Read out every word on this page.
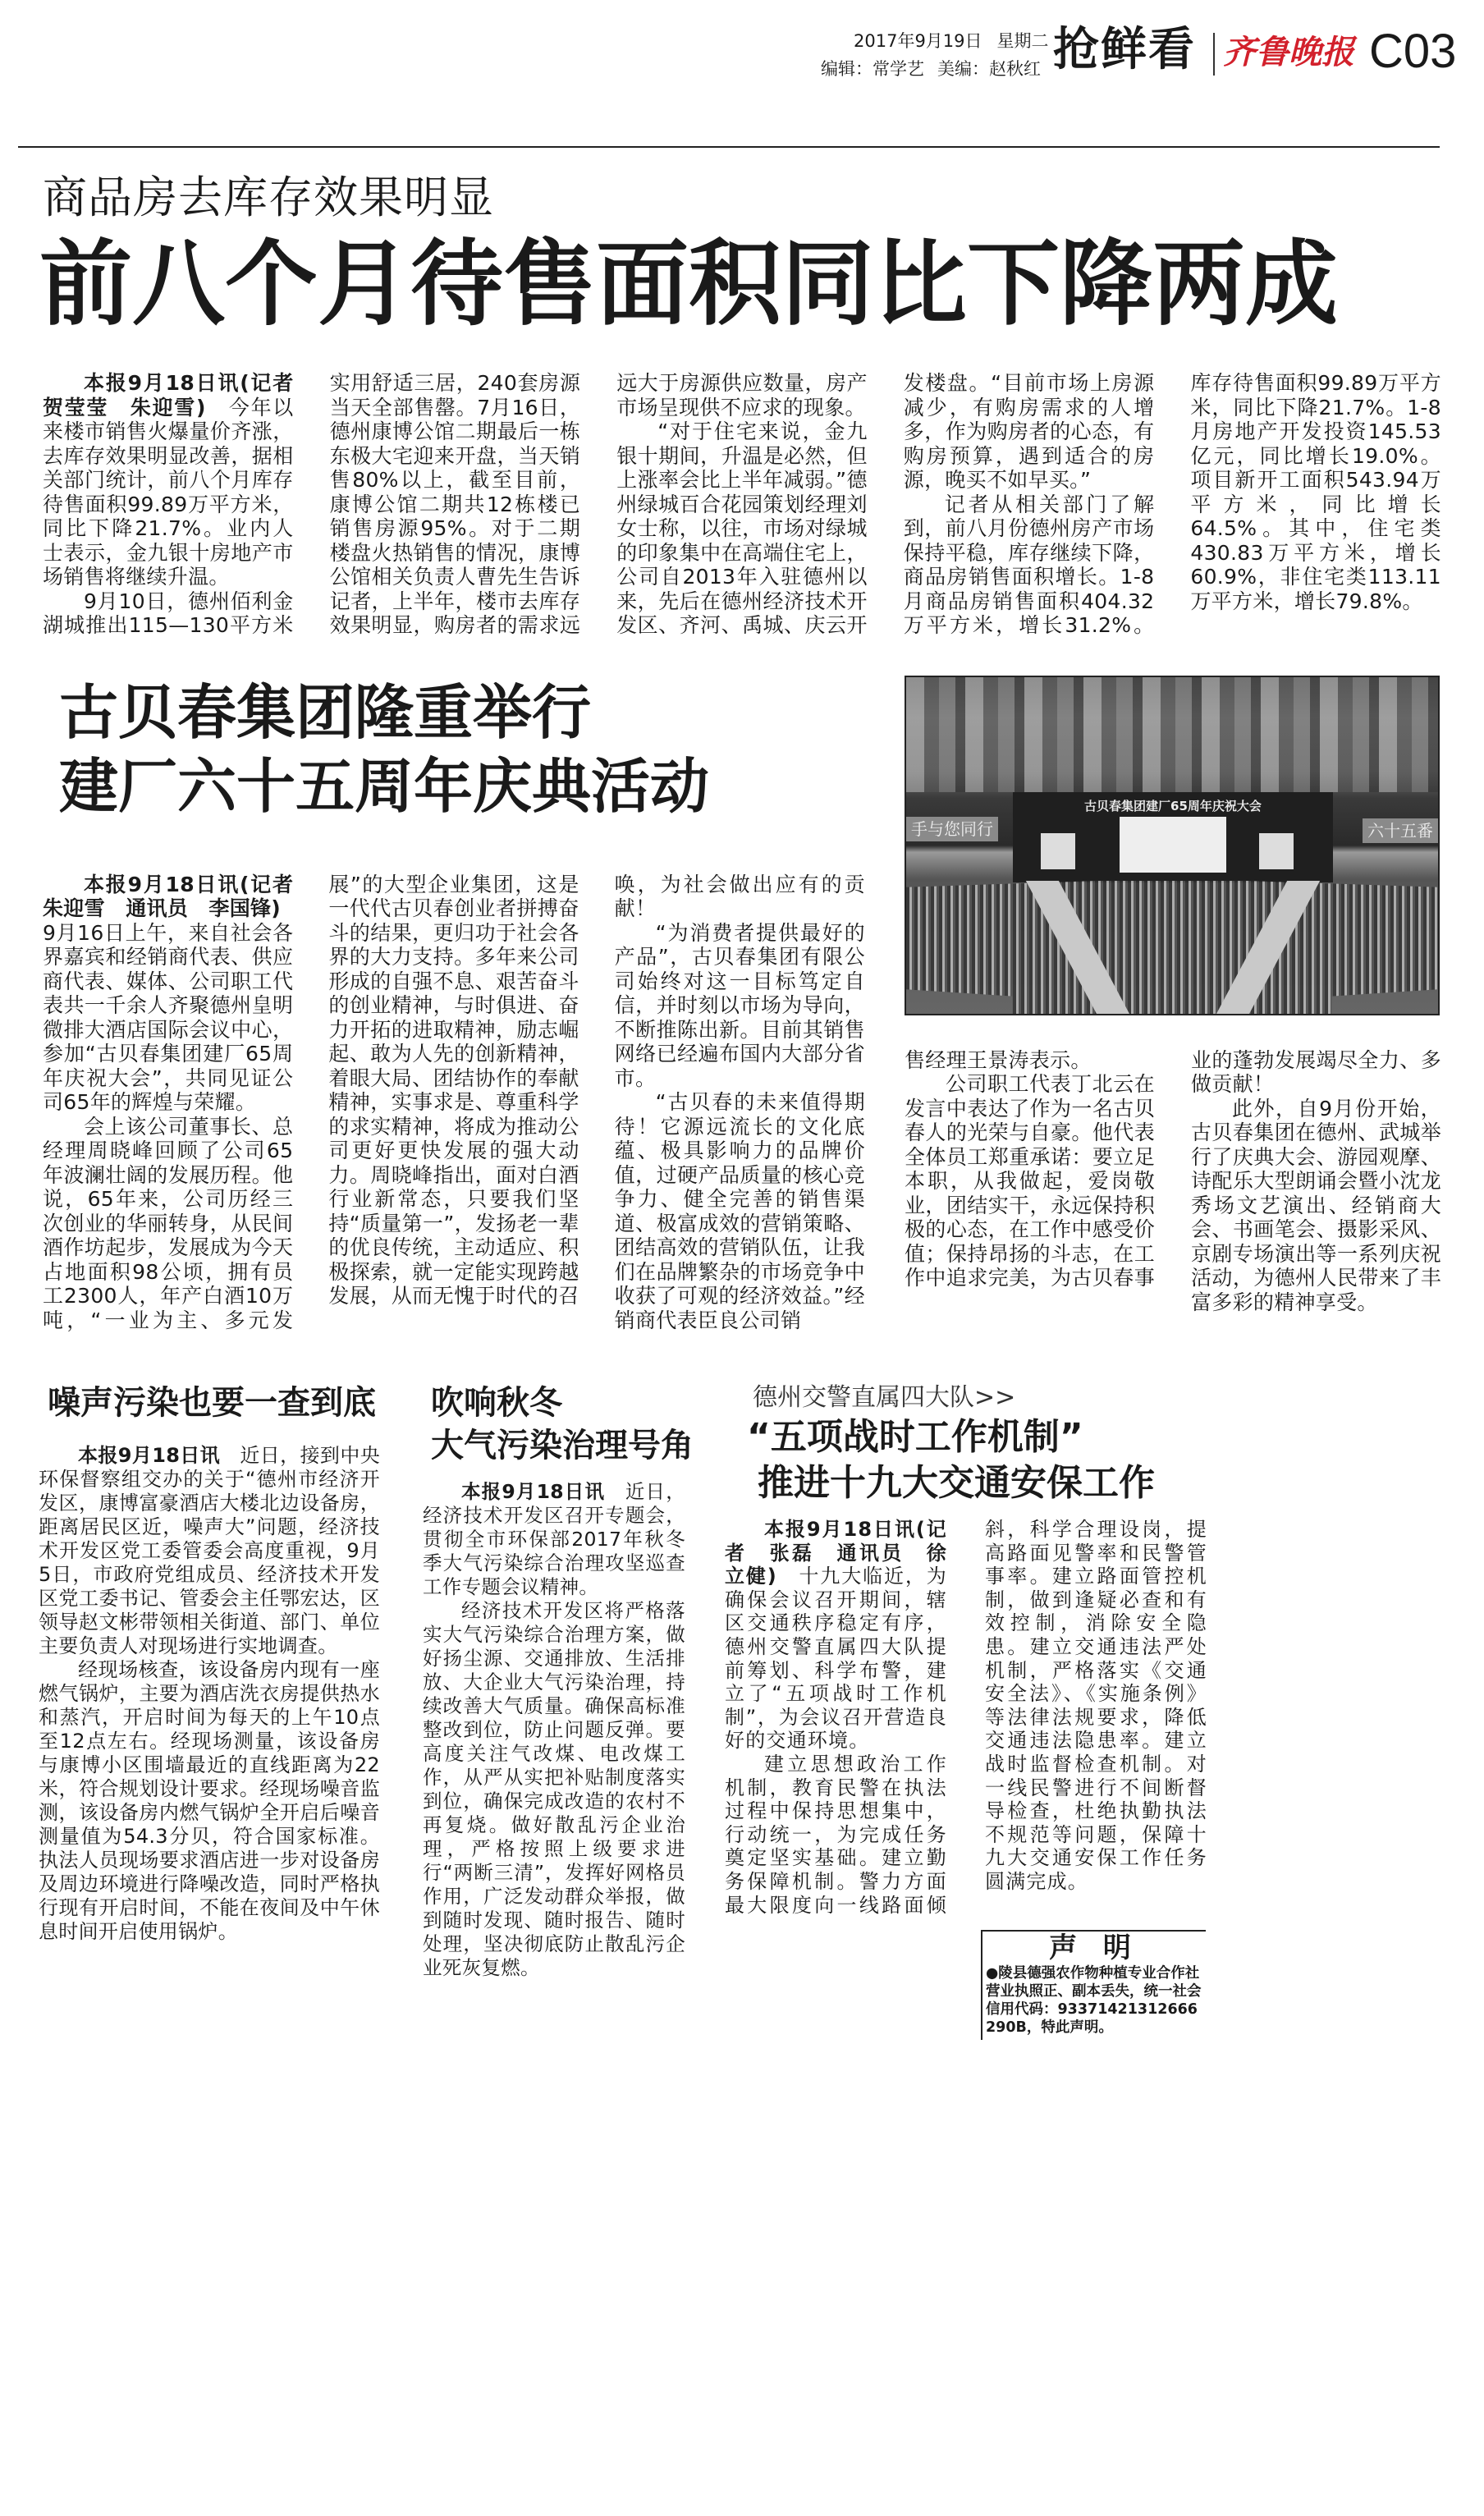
2017年9月19日 星期二
编辑：常学艺 美编：赵秋红 抢鲜看 齐鲁晚报 C03
商品房去库存效果明显
前八个月待售面积同比下降两成

本报9月18日讯(记者　贺莹莹　朱迎雪)　今年以来楼市销售火爆量价齐涨，去库存效果明显改善，据相关部门统计，前八个月库存待售面积99.89万平方米，同比下降21.7%。业内人士表示，金九银十房地产市场销售将继续升温。

9月10日，德州佰利金湖城推出115—130平方米实用舒适三居，240套房源当天全部售罄。7月16日，德州康博公馆二期最后一栋东极大宅迎来开盘，当天销售80%以上，截至目前，康博公馆二期共12栋楼已销售房源95%。对于二期楼盘火热销售的情况，康博公馆相关负责人曹先生告诉记者，上半年，楼市去库存效果明显，购房者的需求远远大于房源供应数量，房产市场呈现供不应求的现象。

“对于住宅来说，金九银十期间，升温是必然，但上涨率会比上半年减弱。”德州绿城百合花园策划经理刘女士称，以往，市场对绿城的印象集中在高端住宅上，公司自2013年入驻德州以来，先后在德州经济技术开发区、齐河、禹城、庆云开发楼盘。“目前市场上房源减少，有购房需求的人增多，作为购房者的心态，有购房预算，遇到适合的房源，晚买不如早买。”

记者从相关部门了解到，前八月份德州房产市场保持平稳，库存继续下降，商品房销售面积增长。1-8月商品房销售面积404.32万平方米，增长31.2%。库存待售面积99.89万平方米，同比下降21.7%。1-8月房地产开发投资145.53亿元，同比增长19.0%。项目新开工面积543.94万平方米，同比增长64.5%。其中，住宅类430.83万平方米，增长60.9%，非住宅类113.11万平方米，增长79.8%。

古贝春集团隆重举行
建厂六十五周年庆典活动

本报9月18日讯(记者　朱迎雪　通讯员　李国锋)　9月16日上午，来自社会各界嘉宾和经销商代表、供应商代表、媒体、公司职工代表共一千余人齐聚德州皇明微排大酒店国际会议中心，参加“古贝春集团建厂65周年庆祝大会”，共同见证公司65年的辉煌与荣耀。

会上该公司董事长、总经理周晓峰回顾了公司65年波澜壮阔的发展历程。他说，65年来，公司历经三次创业的华丽转身，从民间酒作坊起步，发展成为今天占地面积98公顷，拥有员工2300人，年产白酒10万吨，“一业为主、多元发展”的大型企业集团，这是一代代古贝春创业者拼搏奋斗的结果，更归功于社会各界的大力支持。多年来公司形成的自强不息、艰苦奋斗的创业精神，与时俱进、奋力开拓的进取精神，励志崛起、敢为人先的创新精神，着眼大局、团结协作的奉献精神，实事求是、尊重科学的求实精神，将成为推动公司更好更快发展的强大动力。周晓峰指出，面对白酒行业新常态，只要我们坚持“质量第一”，发扬老一辈的优良传统，主动适应、积极探索，就一定能实现跨越发展，从而无愧于时代的召唤，为社会做出应有的贡献！

“为消费者提供最好的产品”，古贝春集团有限公司始终对这一目标笃定自信，并时刻以市场为导向，不断推陈出新。目前其销售网络已经遍布国内大部分省市。

“古贝春的未来值得期待！它源远流长的文化底蕴、极具影响力的品牌价值，过硬产品质量的核心竞争力、健全完善的销售渠道、极富成效的营销策略、团结高效的营销队伍，让我们在品牌繁杂的市场竞争中收获了可观的经济效益。”经销商代表臣良公司销

古贝春集团建厂65周年庆祝大会
手与您同行	六十五番

售经理王景涛表示。

公司职工代表丁北云在发言中表达了作为一名古贝春人的光荣与自豪。他代表全体员工郑重承诺：要立足本职，从我做起，爱岗敬业，团结实干，永远保持积极的心态，在工作中感受价值；保持昂扬的斗志，在工作中追求完美，为古贝春事业的蓬勃发展竭尽全力、多做贡献！

此外，自9月份开始，古贝春集团在德州、武城举行了庆典大会、游园观摩、诗配乐大型朗诵会暨小沈龙秀场文艺演出、经销商大会、书画笔会、摄影采风、京剧专场演出等一系列庆祝活动，为德州人民带来了丰富多彩的精神享受。

噪声污染也要一查到底

本报9月18日讯　近日，接到中央环保督察组交办的关于“德州市经济开发区，康博富豪酒店大楼北边设备房，距离居民区近，噪声大”问题，经济技术开发区党工委管委会高度重视，9月5日，市政府党组成员、经济技术开发区党工委书记、管委会主任鄂宏达，区领导赵文彬带领相关街道、部门、单位主要负责人对现场进行实地调查。

经现场核查，该设备房内现有一座燃气锅炉，主要为酒店洗衣房提供热水和蒸汽，开启时间为每天的上午10点至12点左右。经现场测量，该设备房与康博小区围墙最近的直线距离为22米，符合规划设计要求。经现场噪音监测，该设备房内燃气锅炉全开启后噪音测量值为54.3分贝，符合国家标准。执法人员现场要求酒店进一步对设备房及周边环境进行降噪改造，同时严格执行现有开启时间，不能在夜间及中午休息时间开启使用锅炉。

吹响秋冬
大气污染治理号角

本报9月18日讯　近日，经济技术开发区召开专题会，贯彻全市环保部2017年秋冬季大气污染综合治理攻坚巡查工作专题会议精神。

经济技术开发区将严格落实大气污染综合治理方案，做好扬尘源、交通排放、生活排放、大企业大气污染治理，持续改善大气质量。确保高标准整改到位，防止问题反弹。要高度关注气改煤、电改煤工作，从严从实把补贴制度落实到位，确保完成改造的农村不再复烧。做好散乱污企业治理，严格按照上级要求进行“两断三清”，发挥好网格员作用，广泛发动群众举报，做到随时发现、随时报告、随时处理，坚决彻底防止散乱污企业死灰复燃。

德州交警直属四大队>>
“五项战时工作机制”
推进十九大交通安保工作

本报9月18日讯(记者　张磊　通讯员　徐立健)　十九大临近，为确保会议召开期间，辖区交通秩序稳定有序，德州交警直属四大队提前筹划、科学布警，建立了“五项战时工作机制”，为会议召开营造良好的交通环境。

建立思想政治工作机制，教育民警在执法过程中保持思想集中，行动统一，为完成任务奠定坚实基础。建立勤务保障机制。警力方面最大限度向一线路面倾斜，科学合理设岗，提高路面见警率和民警管事率。建立路面管控机制，做到逢疑必查和有效控制，消除安全隐患。建立交通违法严处机制，严格落实《交通安全法》、《实施条例》等法律法规要求，降低交通违法隐患率。建立战时监督检查机制。对一线民警进行不间断督导检查，杜绝执勤执法不规范等问题，保障十九大交通安保工作任务圆满完成。

声 明
●陵县德强农作物种植专业合作社营业执照正、副本丢失，统一社会信用代码：93371421312666290B，特此声明。
